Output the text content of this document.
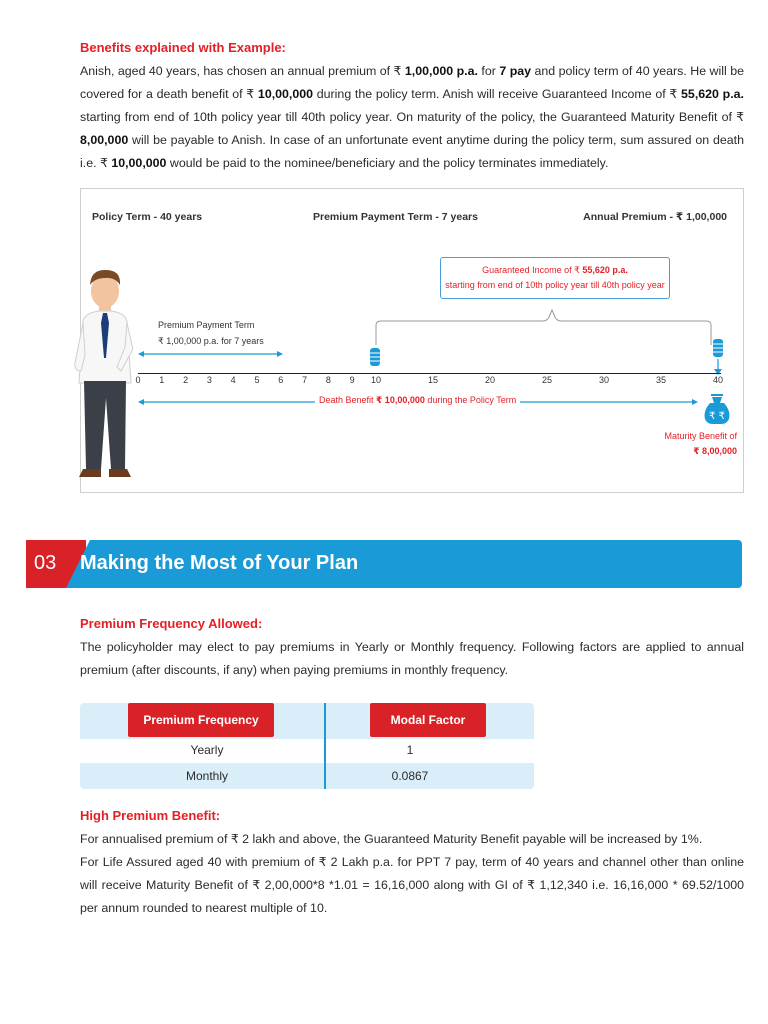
Benefits explained with Example:
Anish, aged 40 years, has chosen an annual premium of ₹ 1,00,000 p.a. for 7 pay and policy term of 40 years. He will be covered for a death benefit of ₹ 10,00,000 during the policy term. Anish will receive Guaranteed Income of ₹ 55,620 p.a. starting from end of 10th policy year till 40th policy year. On maturity of the policy, the Guaranteed Maturity Benefit of ₹ 8,00,000 will be payable to Anish. In case of an unfortunate event anytime during the policy term, sum assured on death i.e. ₹ 10,00,000 would be paid to the nominee/beneficiary and the policy terminates immediately.
Policy Term - 40 years	Premium Payment Term - 7 years	Annual Premium - ₹ 1,00,000
Guaranteed Income of ₹ 55,620 p.a.
starting from end of 10th policy year till 40th policy year
Premium Payment Term
₹ 1,00,000 p.a. for 7 years
Death Benefit ₹ 10,00,000 during the Policy Term
₹ ₹
Maturity Benefit of
₹ 8,00,000
0 1 2 3 4 5 6 7 8 9 10	15	20	25	30	35	40
03	Making the Most of Your Plan
Premium Frequency Allowed:
The policyholder may elect to pay premiums in Yearly or Monthly frequency. Following factors are applied to annual premium (after discounts, if any) when paying premiums in monthly frequency.
Yearly	1
Monthly	0.0867
Premium Frequency	Modal Factor
High Premium Benefit:
For annualised premium of ₹ 2 lakh and above, the Guaranteed Maturity Benefit payable will be increased by 1%.
For Life Assured aged 40 with premium of ₹ 2 Lakh p.a. for PPT 7 pay, term of 40 years and channel other than online will receive Maturity Benefit of ₹ 2,00,000*8 *1.01 = 16,16,000 along with GI of ₹ 1,12,340 i.e. 16,16,000 * 69.52/1000 per annum rounded to nearest multiple of 10.
